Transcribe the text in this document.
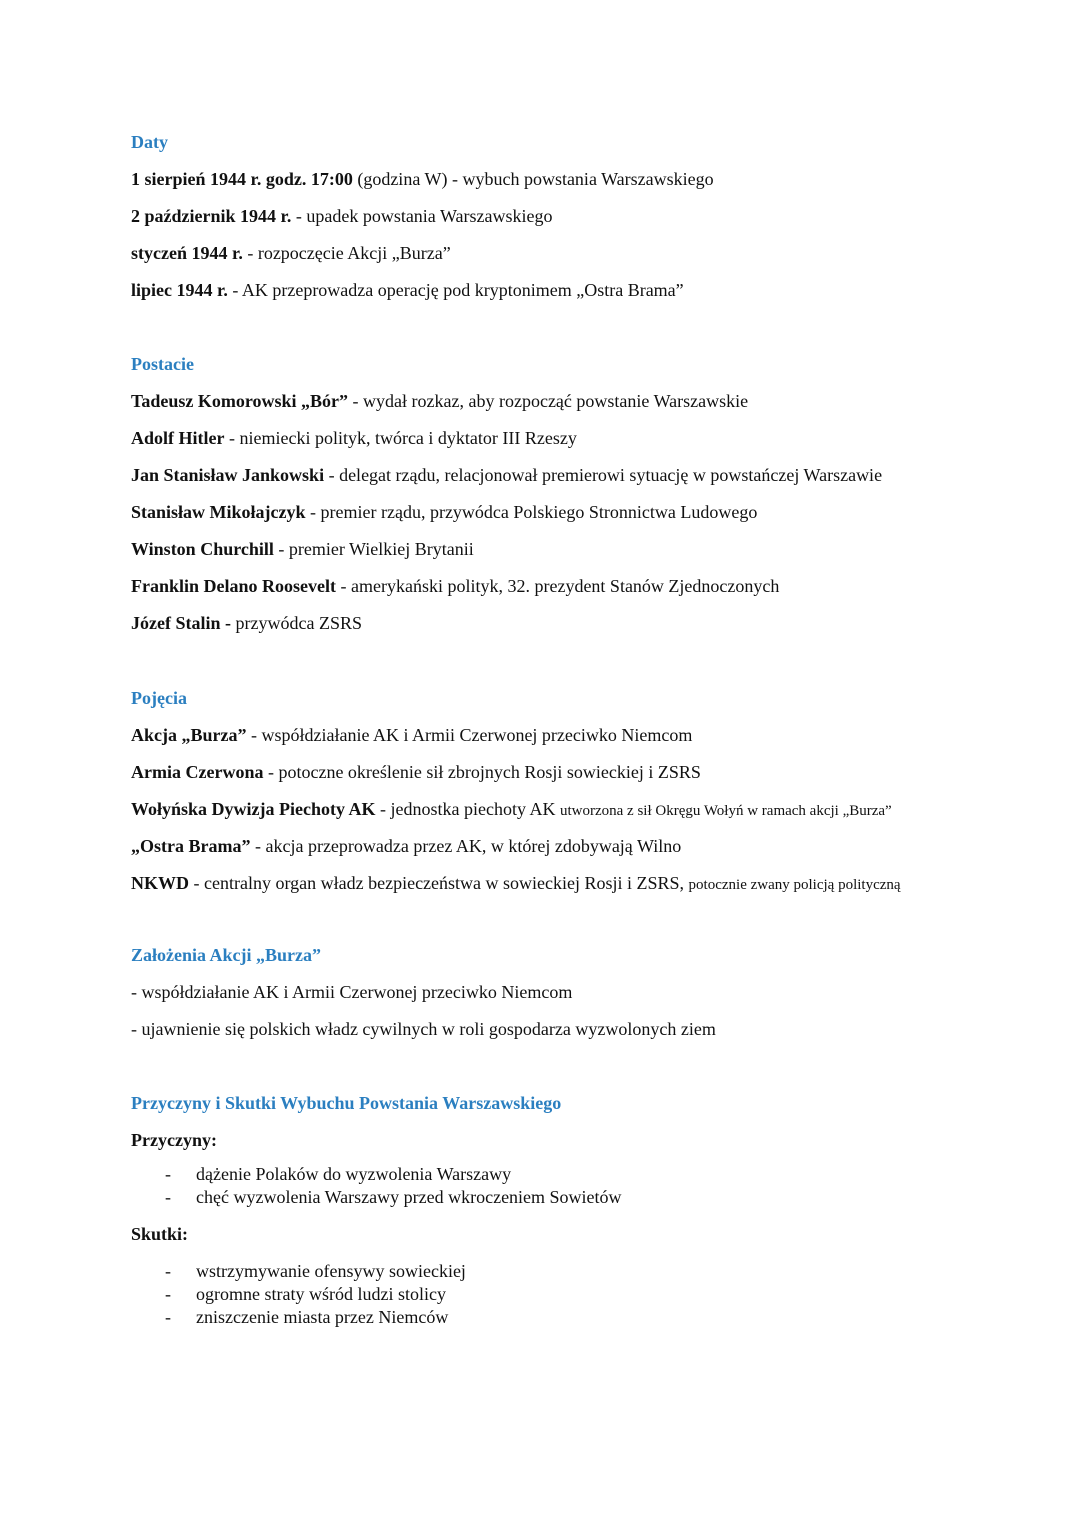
Daty
1 sierpień 1944 r. godz. 17:00 (godzina W) - wybuch powstania Warszawskiego
2 październik 1944 r. - upadek powstania Warszawskiego
styczeń 1944 r. - rozpoczęcie Akcji „Burza”
lipiec 1944 r. - AK przeprowadza operację pod kryptonimem „Ostra Brama”
Postacie
Tadeusz Komorowski „Bór” - wydał rozkaz, aby rozpocząć powstanie Warszawskie
Adolf Hitler - niemiecki polityk, twórca i dyktator III Rzeszy
Jan Stanisław Jankowski - delegat rządu, relacjonował premierowi sytuację w powstańczej Warszawie
Stanisław Mikołajczyk - premier rządu, przywódca Polskiego Stronnictwa Ludowego
Winston Churchill - premier Wielkiej Brytanii
Franklin Delano Roosevelt - amerykański polityk, 32. prezydent Stanów Zjednoczonych
Józef Stalin - przywódca ZSRS
Pojęcia
Akcja „Burza” - współdziałanie AK i Armii Czerwonej przeciwko Niemcom
Armia Czerwona - potoczne określenie sił zbrojnych Rosji sowieckiej i ZSRS
Wołyńska Dywizja Piechoty AK - jednostka piechoty AK utworzona z sił Okręgu Wołyń w ramach akcji „Burza”
„Ostra Brama” - akcja przeprowadza przez AK, w której zdobywają Wilno
NKWD - centralny organ władz bezpieczeństwa w sowieckiej Rosji i ZSRS, potocznie zwany policją polityczną
Założenia Akcji „Burza”
- współdziałanie AK i Armii Czerwonej przeciwko Niemcom
- ujawnienie się polskich władz cywilnych w roli gospodarza wyzwolonych ziem
Przyczyny i Skutki Wybuchu Powstania Warszawskiego
Przyczyny:
- dążenie Polaków do wyzwolenia Warszawy
- chęć wyzwolenia Warszawy przed wkroczeniem Sowietów
Skutki:
- wstrzymywanie ofensywy sowieckiej
- ogromne straty wśród ludzi stolicy
- zniszczenie miasta przez Niemców
